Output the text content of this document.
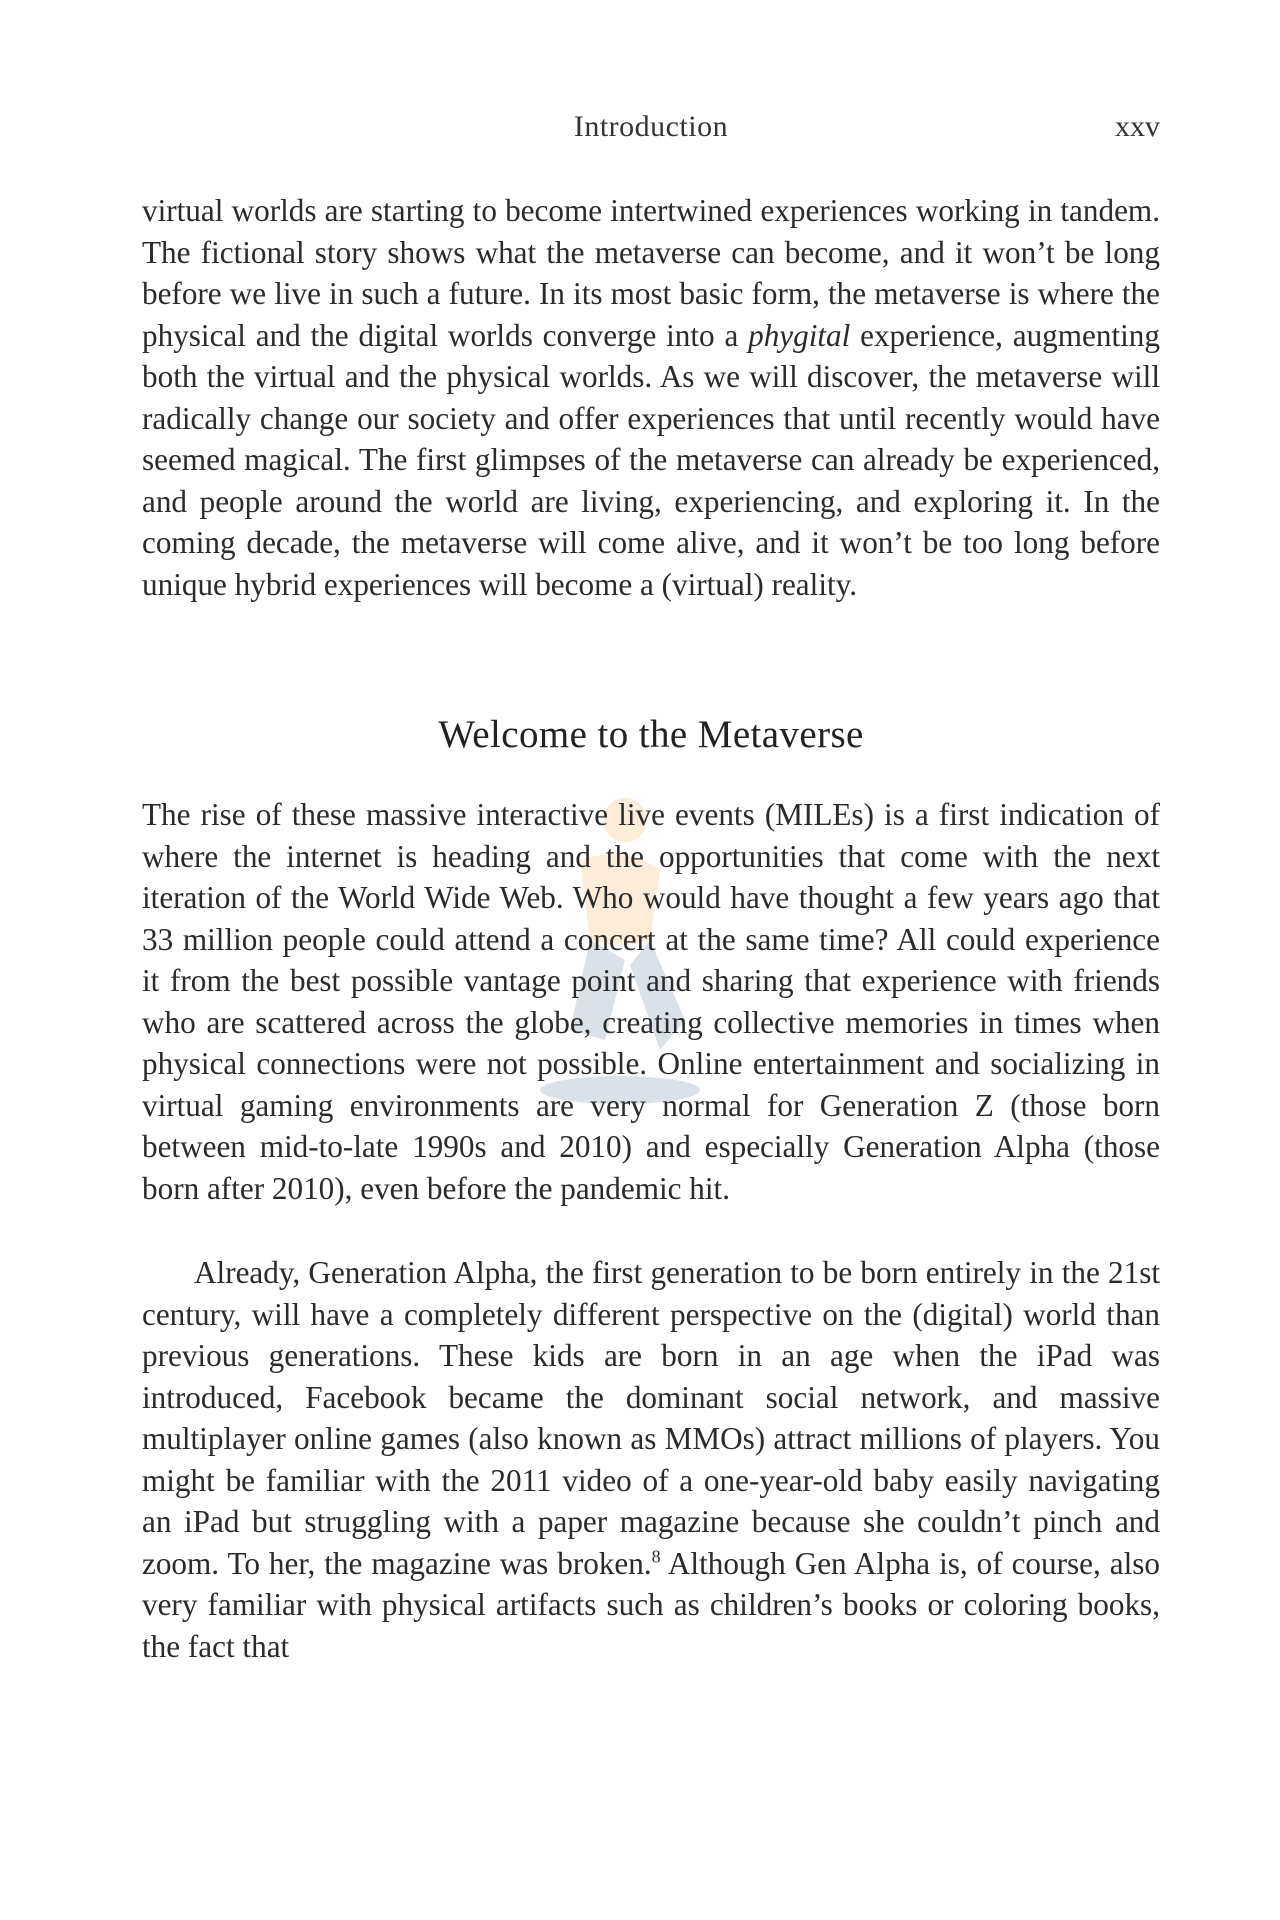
Introduction	xxv

virtual worlds are starting to become intertwined experiences working in tandem. The fictional story shows what the metaverse can become, and it won’t be long before we live in such a future. In its most basic form, the metaverse is where the physical and the digital worlds converge into a phygital experience, augmenting both the virtual and the physical worlds. As we will discover, the metaverse will radically change our society and offer experiences that until recently would have seemed magical. The first glimpses of the metaverse can already be experienced, and people around the world are living, experiencing, and exploring it. In the coming decade, the metaverse will come alive, and it won’t be too long before unique hybrid experiences will become a (virtual) reality.

Welcome to the Metaverse

The rise of these massive interactive live events (MILEs) is a first indication of where the internet is heading and the opportunities that come with the next iteration of the World Wide Web. Who would have thought a few years ago that 33 million people could attend a concert at the same time? All could experience it from the best possible vantage point and sharing that experience with friends who are scattered across the globe, creating collective memories in times when physical connections were not possible. Online entertainment and socializing in virtual gaming environments are very normal for Generation Z (those born between mid-to-late 1990s and 2010) and especially Generation Alpha (those born after 2010), even before the pandemic hit.

Already, Generation Alpha, the first generation to be born entirely in the 21st century, will have a completely different perspective on the (digital) world than previous generations. These kids are born in an age when the iPad was introduced, Facebook became the dominant social network, and massive multiplayer online games (also known as MMOs) attract millions of players. You might be familiar with the 2011 video of a one-year-old baby easily navigating an iPad but struggling with a paper magazine because she couldn’t pinch and zoom. To her, the magazine was broken.$^8$ Although Gen Alpha is, of course, also very familiar with physical artifacts such as children’s books or coloring books, the fact that
